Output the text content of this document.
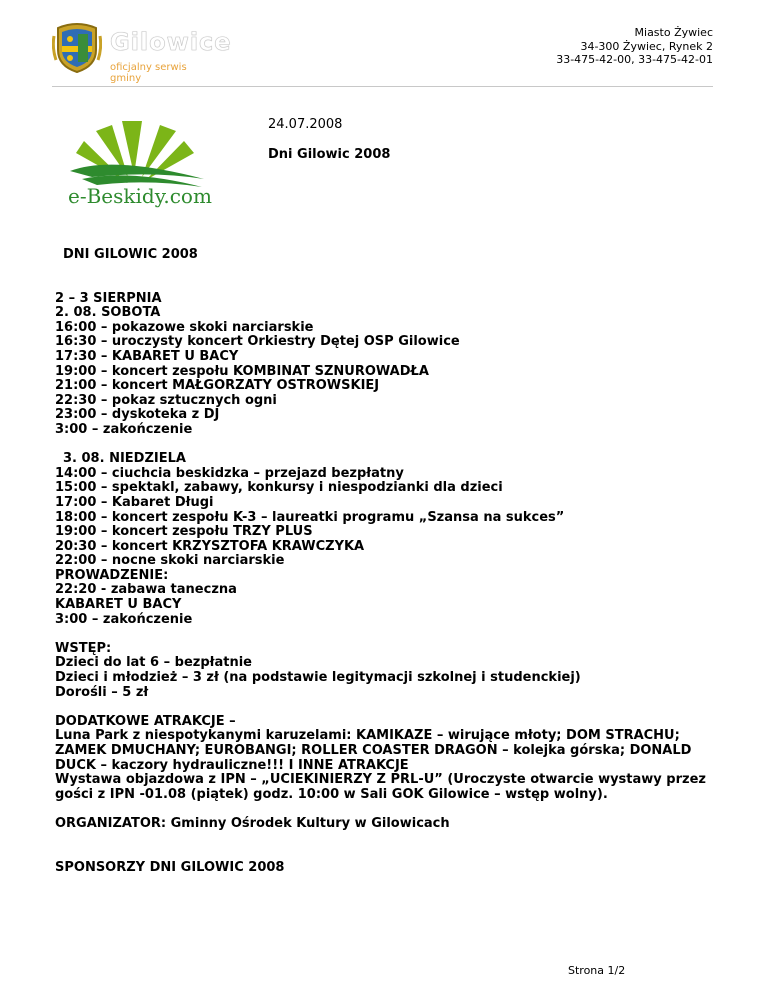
Gilowice
oficjalny serwis gminy
Miasto Żywiec
34-300 Żywiec, Rynek 2
33-475-42-00, 33-475-42-01
e-Beskidy.com
24.07.2008
Dni Gilowic 2008
DNI GILOWIC 2008
2 – 3 SIERPNIA
2. 08. SOBOTA
16:00 – pokazowe skoki narciarskie
16:30 – uroczysty koncert Orkiestry Dętej OSP Gilowice
17:30 – KABARET U BACY
19:00 – koncert zespołu KOMBINAT SZNUROWADŁA
21:00 – koncert MAŁGORZATY OSTROWSKIEJ
22:30 – pokaz sztucznych ogni
23:00 – dyskoteka z DJ
3:00 – zakończenie
3. 08. NIEDZIELA
14:00 – ciuchcia beskidzka – przejazd bezpłatny
15:00 – spektakl, zabawy, konkursy i niespodzianki dla dzieci
17:00 – Kabaret Długi
18:00 – koncert zespołu K-3 – laureatki programu „Szansa na sukces”
19:00 – koncert zespołu TRZY PLUS
20:30 – koncert KRZYSZTOFA KRAWCZYKA
22:00 – nocne skoki narciarskie
PROWADZENIE:
22:20 - zabawa taneczna
KABARET U BACY
3:00 – zakończenie
WSTĘP:
Dzieci do lat 6 – bezpłatnie
Dzieci i młodzież – 3 zł (na podstawie legitymacji szkolnej i studenckiej)
Dorośli – 5 zł
DODATKOWE ATRAKCJE –
Luna Park z niespotykanymi karuzelami: KAMIKAZE – wirujące młoty; DOM STRACHU; ZAMEK DMUCHANY; EUROBANGI; ROLLER COASTER DRAGON – kolejka górska; DONALD DUCK – kaczory hydrauliczne!!! I INNE ATRAKCJE
Wystawa objazdowa z IPN – „UCIEKINIERZY Z PRL-U” (Uroczyste otwarcie wystawy przez gości z IPN -01.08 (piątek) godz. 10:00 w Sali GOK Gilowice – wstęp wolny).
ORGANIZATOR: Gminny Ośrodek Kultury w Gilowicach
SPONSORZY DNI GILOWIC 2008
Strona 1/2
